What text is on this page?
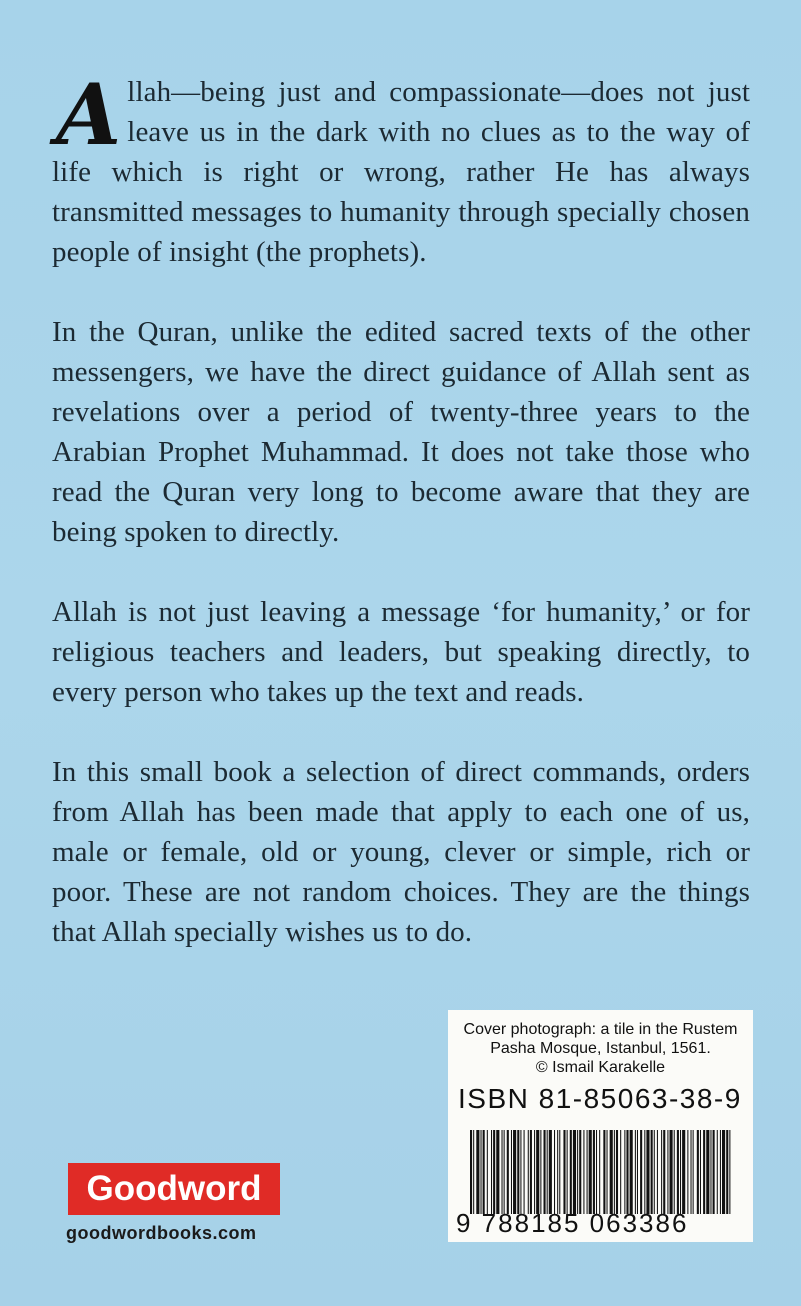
Allah—being just and compassionate—does not just leave us in the dark with no clues as to the way of life which is right or wrong, rather He has always transmitted messages to humanity through specially chosen people of insight (the prophets).

In the Quran, unlike the edited sacred texts of the other messengers, we have the direct guidance of Allah sent as revelations over a period of twenty-three years to the Arabian Prophet Muhammad. It does not take those who read the Quran very long to become aware that they are being spoken to directly.

Allah is not just leaving a message ‘for humanity,’ or for religious teachers and leaders, but speaking directly, to every person who takes up the text and reads.

In this small book a selection of direct commands, orders from Allah has been made that apply to each one of us, male or female, old or young, clever or simple, rich or poor. These are not random choices. They are the things that Allah specially wishes us to do.

Cover photograph: a tile in the Rustem
Pasha Mosque, Istanbul, 1561.
© Ismail Karakelle
ISBN 81-85063-38-9
9 788185 063386
Goodword
goodwordbooks.com
